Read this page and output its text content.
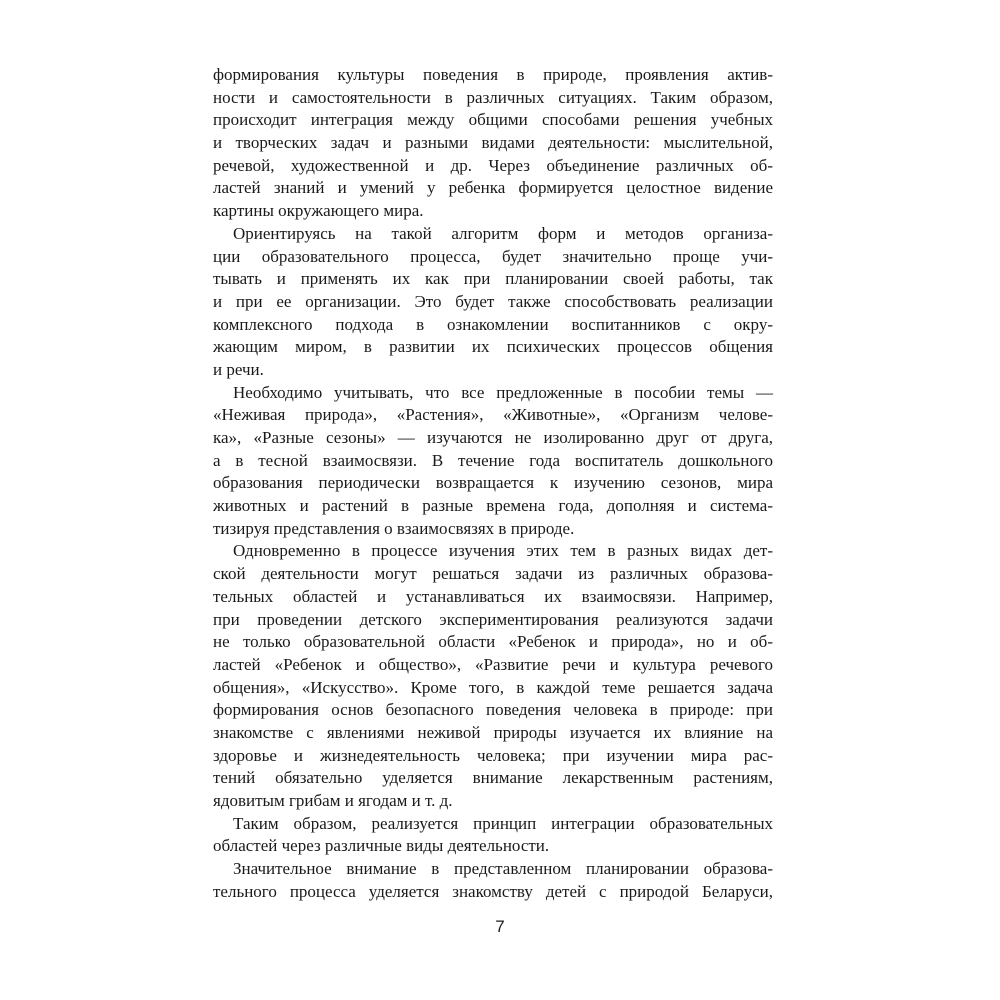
формирования культуры поведения в природе, проявления актив-
ности и самостоятельности в различных ситуациях. Таким образом,
происходит интеграция между общими способами решения учебных
и творческих задач и разными видами деятельности: мыслительной,
речевой, художественной и др. Через объединение различных об-
ластей знаний и умений у ребенка формируется целостное видение
картины окружающего мира.
Ориентируясь на такой алгоритм форм и методов организа-
ции образовательного процесса, будет значительно проще учи-
тывать и применять их как при планировании своей работы, так
и при ее организации. Это будет также способствовать реализации
комплексного подхода в ознакомлении воспитанников с окру-
жающим миром, в развитии их психических процессов общения
и речи.
Необходимо учитывать, что все предложенные в пособии темы —
«Неживая природа», «Растения», «Животные», «Организм челове-
ка», «Разные сезоны» — изучаются не изолированно друг от друга,
а в тесной взаимосвязи. В течение года воспитатель дошкольного
образования периодически возвращается к изучению сезонов, мира
животных и растений в разные времена года, дополняя и система-
тизируя представления о взаимосвязях в природе.
Одновременно в процессе изучения этих тем в разных видах дет-
ской деятельности могут решаться задачи из различных образова-
тельных областей и устанавливаться их взаимосвязи. Например,
при проведении детского экспериментирования реализуются задачи
не только образовательной области «Ребенок и природа», но и об-
ластей «Ребенок и общество», «Развитие речи и культура речевого
общения», «Искусство». Кроме того, в каждой теме решается задача
формирования основ безопасного поведения человека в природе: при
знакомстве с явлениями неживой природы изучается их влияние на
здоровье и жизнедеятельность человека; при изучении мира рас-
тений обязательно уделяется внимание лекарственным растениям,
ядовитым грибам и ягодам и т. д.
Таким образом, реализуется принцип интеграции образовательных
областей через различные виды деятельности.
Значительное внимание в представленном планировании образова-
тельного процесса уделяется знакомству детей с природой Беларуси,
7
